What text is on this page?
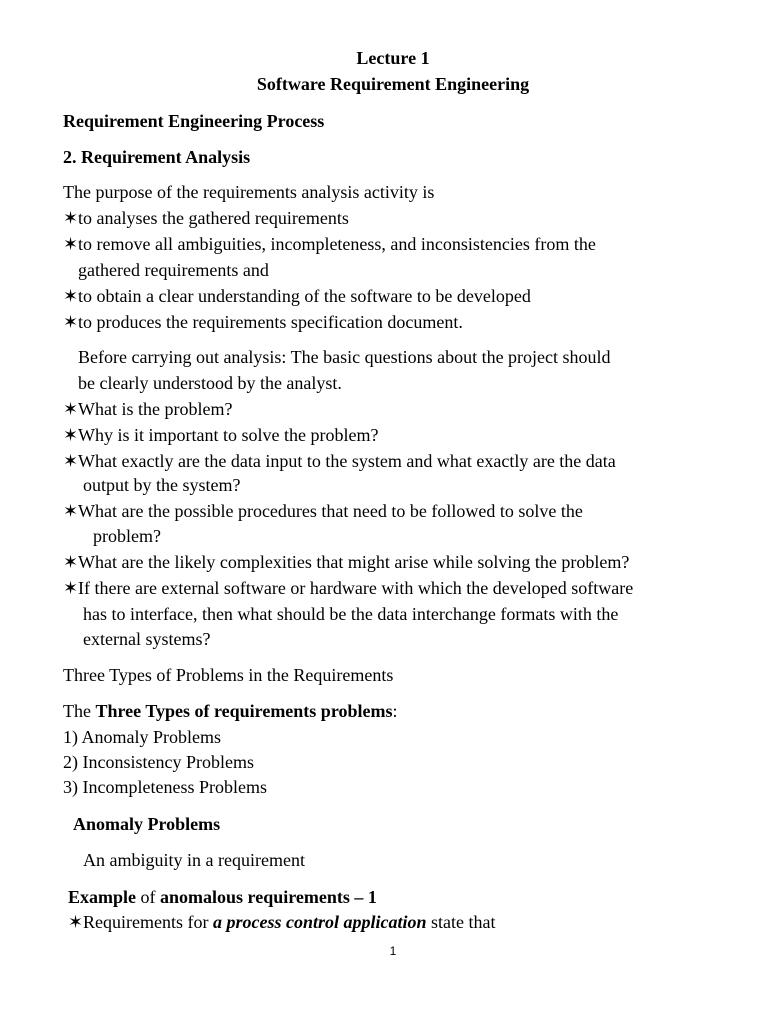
Lecture 1
Software Requirement Engineering
Requirement Engineering Process
2. Requirement Analysis
The purpose of the requirements analysis activity is
✶to analyses the gathered requirements
✶to remove all ambiguities, incompleteness, and inconsistencies from the
gathered requirements and
✶to obtain a clear understanding of the software to be developed
✶to produces the requirements specification document.
Before carrying out analysis: The basic questions about the project should
be clearly understood by the analyst.
✶What is the problem?
✶Why is it important to solve the problem?
✶What exactly are the data input to the system and what exactly are the data
output by the system?
✶What are the possible procedures that need to be followed to solve the
problem?
✶What are the likely complexities that might arise while solving the problem?
✶If there are external software or hardware with which the developed software
has to interface, then what should be the data interchange formats with the
external systems?
Three Types of Problems in the Requirements
The Three Types of requirements problems:
1) Anomaly Problems
2) Inconsistency Problems
3) Incompleteness Problems
Anomaly Problems
An ambiguity in a requirement
Example of anomalous requirements – 1
✶Requirements for a process control application state that
1
